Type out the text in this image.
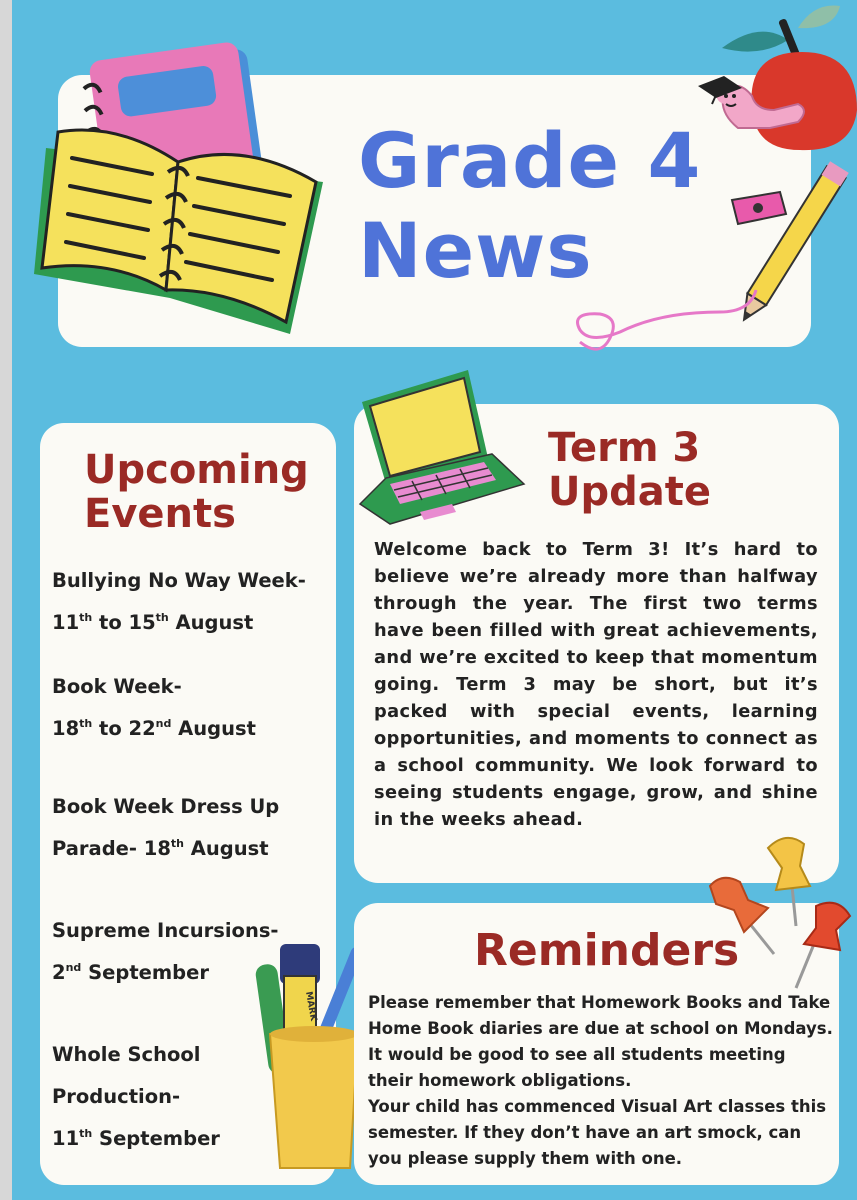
Grade 4
News
Upcoming
Events
Bullying No Way Week-
11th to 15th August
Book Week-
18th to 22nd August
Book Week Dress Up
Parade- 18th August
Supreme Incursions-
2nd September
Whole School
Production-
11th September
MARK
Term 3
Update

Welcome back to Term 3! It’s hard to believe we’re already more than halfway through the year. The first two terms have been filled with great achievements, and we’re excited to keep that momentum going. Term 3 may be short, but it’s packed with special events, learning opportunities, and moments to connect as a school community. We look forward to seeing students engage, grow, and shine in the weeks ahead.

Reminders

Please remember that Homework Books and Take Home Book diaries are due at school on Mondays. It would be good to see all students meeting their homework obligations.

Your child has commenced Visual Art classes this semester. If they don’t have an art smock, can you please supply them with one.
